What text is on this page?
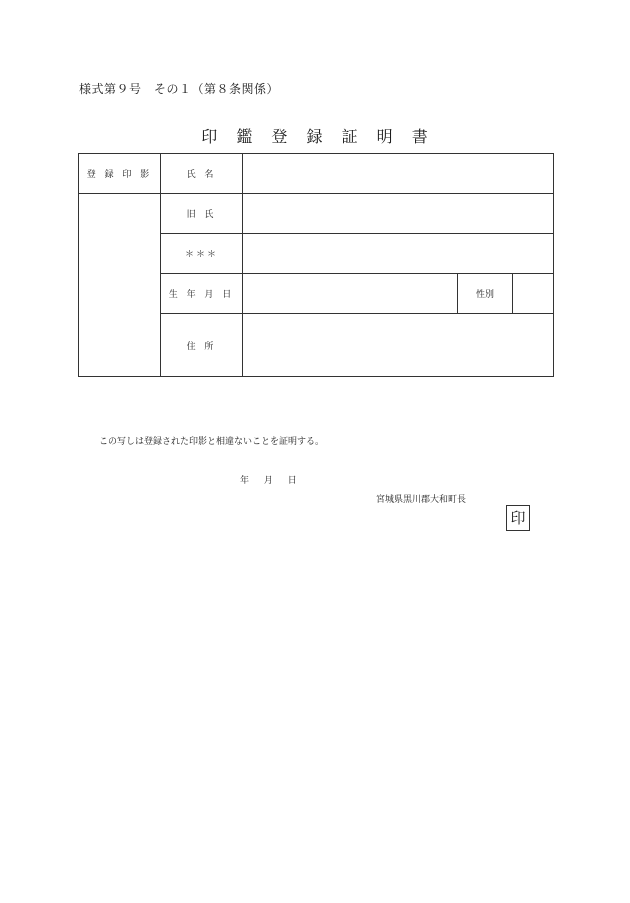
様式第９号　その１（第８条関係）
印 鑑 登 録 証 明 書
登 録 印 影	氏 名			
	旧 氏			
	＊＊＊			
	生 年 月 日		性別	
	住 所			
この写しは登録された印影と相違ないことを証明する。
年 月 日
宮城県黒川郡大和町長
印
